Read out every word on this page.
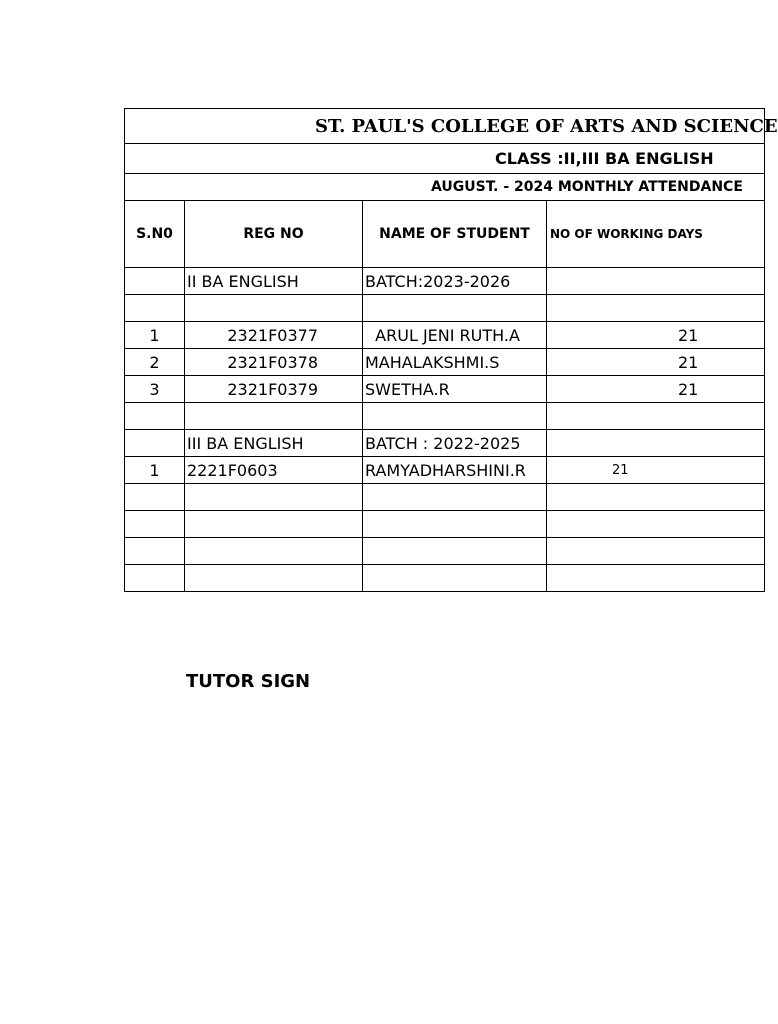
ST. PAUL'S COLLEGE OF ARTS AND SCIENCE			
CLASS :II,III BA ENGLISH			
AUGUST. - 2024 MONTHLY ATTENDANCE			
S.N0	REG NO	NAME OF STUDENT	NO OF WORKING DAYS
	II BA ENGLISH	BATCH:2023-2026	

1	2321F0377	ARUL JENI RUTH.A	21
2	2321F0378	MAHALAKSHMI.S	21
3	2321F0379	SWETHA.R	21

	III BA ENGLISH	BATCH : 2022-2025	
1	2221F0603	RAMYADHARSHINI.R	21

TUTOR SIGN
